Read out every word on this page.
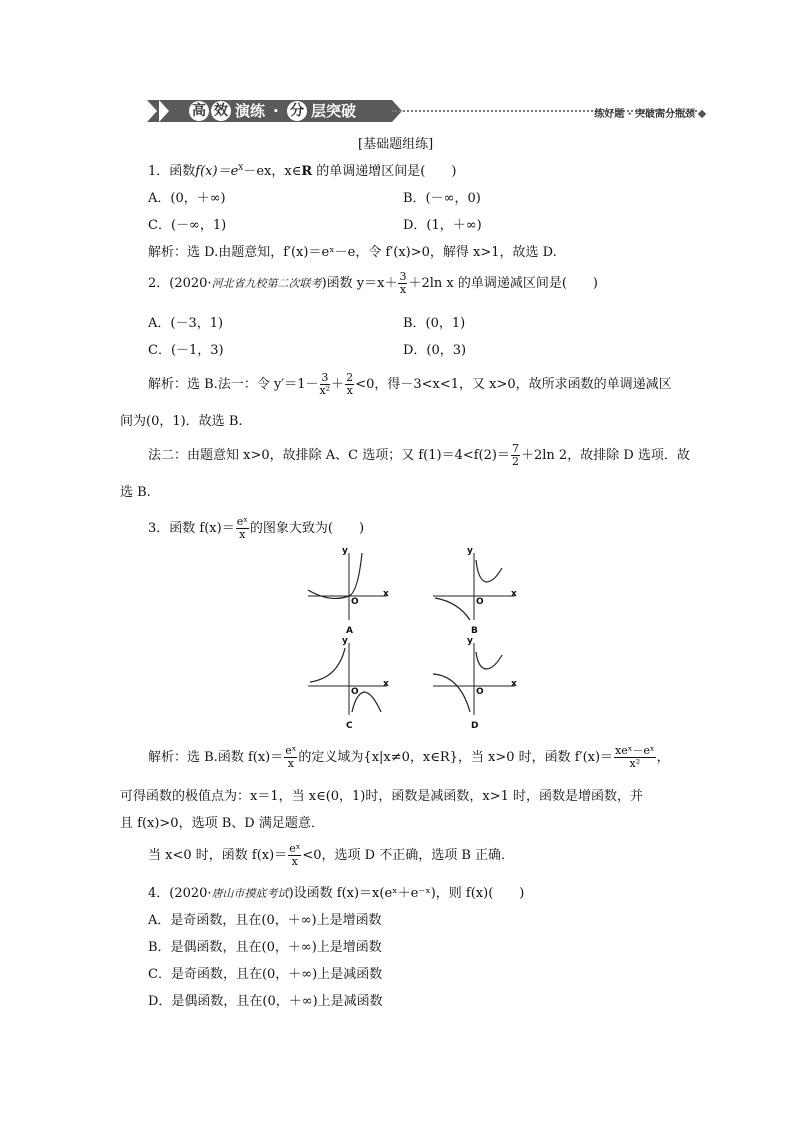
高 效 演练 · 分 层突破	练好题 · 突破高分瓶颈
[基础题组练]
1．函数$f(x)=e^x-ex$，x∈R 的单调递增区间是(　　)
A．(0，＋∞)	B．(－∞，0)
C．(－∞，1)	D．(1，＋∞)
解析：选 D.由题意知，f′(x)＝eˣ－e，令 f′(x)>0，解得 x>1，故选 D.
2．(2020·河北省九校第二次联考)函数 $y=x+ \frac{3}{x} +2\ln$ x 的单调递减区间是(　　)
A．(－3，1)	B．(0，1)
C．(－1，3)	D．(0，3)
解析：选 B.法一：令 $y'=1- \frac{3}{\text{x²}} + \frac{2}{x} <0$，得－3<x<1，又 x>0，故所求函数的单调递减区
间为(0，1)．故选 B.
法二：由题意知 x>0，故排除 A、C 选项；又 $f(1)=4<f(2)= \frac{7}{2} +2\ln$ 2，故排除 D 选项．故
选 B.
3．函数 $f(x)= \frac{\text{eˣ}}{x}$ 的图象大致为(　　)
y
x
O
A
y
x
O
B
y
x
O
C
y
x
O
D
解析：选 B.函数 $f(x)= \frac{\text{eˣ}}{x}$ 的定义域为{x|x≠0，x∈R}，当 x>0 时，函数 $f'(x)= \frac{\text{xeˣ－eˣ}}{\text{x²}}$ ，
可得函数的极值点为：x＝1，当 x∈(0，1)时，函数是减函数，x>1 时，函数是增函数，并
且 f(x)>0，选项 B、D 满足题意．
当 x<0 时，函数 $f(x)= \frac{\text{eˣ}}{x} <0$，选项 D 不正确，选项 B 正确．
4．(2020·唐山市摸底考试)设函数 f(x)＝x(eˣ＋e⁻ˣ)，则 f(x)(　　)
A．是奇函数，且在(0，＋∞)上是增函数
B．是偶函数，且在(0，＋∞)上是增函数
C．是奇函数，且在(0，＋∞)上是减函数
D．是偶函数，且在(0，＋∞)上是减函数
